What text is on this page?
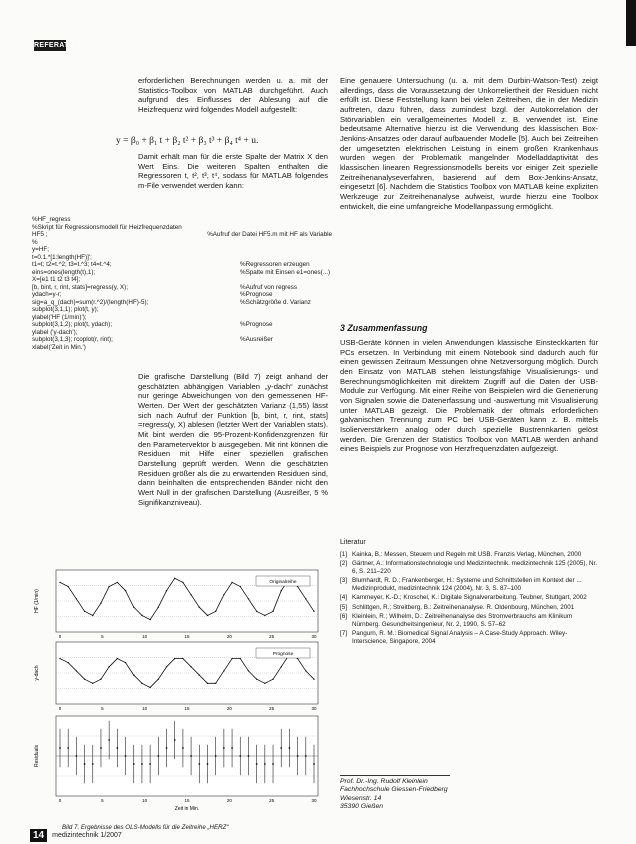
REFERATE

erforderlichen Berechnungen werden u. a. mit der Statistics-Toolbox von MATLAB durchgeführt. Auch aufgrund des Einflusses der Ablesung auf die Heizfrequenz wird folgendes Modell aufgestellt:

y = β₀ + β₁ t + β₂ t² + β₃ t³ + β₄ t⁴ + u.

Damit erhält man für die erste Spalte der Matrix X den Wert Eins. Die weiteren Spalten enthalten die Regressoren t, t², t³, t⁴, sodass für MATLAB folgendes m-File verwendet werden kann:

%HF_regress
%Skript für Regressionsmodell für Heizfrequenzdaten
HF5 ;	%Aufruf der Datei HF5.m mit HF als Variable
%
y=HF;
t=0.1.*[1:length(HF)]';
t1=t; t2=t.^2; t3=t.^3; t4=t.^4;	%Regressoren erzeugen
eins=ones(length(t),1);	%Spalte mit Einsen e1=ones(...)
X=[e1 t1 t2 t3 t4];
[b, bint, r, rint, stats]=regress(y, X);	%Aufruf von regress
ydach=y-r;	%Prognose
sig=a_q_(dach)=sum(r.^2)/(length(HF)-5);	%Schätzgröße d. Varianz
subplot(3,1,1); plot(t, y);
ylabel('HF (1/min)');
subplot(3,1,2); plot(t, ydach);	%Prognose
ylabel ('y-dach');
subplot(3,1,3); rcoplot(r, rint);	%Ausreißer
xlabel('Zeit in Min.')

Die grafische Darstellung (Bild 7) zeigt anhand der geschätzten abhängigen Variablen „y-dach“ zunächst nur geringe Abweichungen von den gemessenen HF-Werten. Der Wert der geschätzten Varianz (1,55) lässt sich nach Aufruf der Funktion [b, bint, r, rint, stats] =regress(y, X) ablesen (letzter Wert der Variablen stats). Mit bint werden die 95-Prozent-Konfidenzgrenzen für den Parametervektor b ausgegeben. Mit rint können die Residuen mit Hilfe einer speziellen grafischen Darstellung geprüft werden. Wenn die geschätzten Residuen größer als die zu erwartenden Residuen sind, dann beinhalten die entsprechenden Bänder nicht den Wert Null in der grafischen Darstellung (Ausreißer, 5 % Signifikanzniveau).

Eine genauere Untersuchung (u. a. mit dem Durbin-Watson-Test) zeigt allerdings, dass die Voraussetzung der Unkorreliertheit der Residuen nicht erfüllt ist. Diese Feststellung kann bei vielen Zeitreihen, die in der Medizin auftreten, dazu führen, dass zumindest bzgl. der Autokorrelation der Störvariablen ein verallgemeinertes Modell z. B. verwendet ist. Eine bedeutsame Alternative hierzu ist die Verwendung des klassischen Box-Jenkins-Ansatzes oder darauf aufbauender Modelle [5]. Auch bei Zeitreihen der umgesetzten elektrischen Leistung in einem großen Krankenhaus wurden wegen der Problematik mangelnder Modelladdaptivität des klassischen linearen Regressionsmodells bereits vor einiger Zeit spezielle Zeitreihenanalyseverfahren, basierend auf dem Box-Jenkins-Ansatz, eingesetzt [6]. Nachdem die Statistics Toolbox von MATLAB keine expliziten Werkzeuge zur Zeitreihenanalyse aufweist, wurde hierzu eine Toolbox entwickelt, die eine umfangreiche Modellanpassung ermöglicht.

3 Zusammenfassung

USB-Geräte können in vielen Anwendungen klassische Einsteckkarten für PCs ersetzen. In Verbindung mit einem Notebook sind dadurch auch für einen gewissen Zeitraum Messungen ohne Netzversorgung möglich. Durch den Einsatz von MATLAB stehen leistungsfähige Visualisierungs- und Berechnungsmöglichkeiten mit direktem Zugriff auf die Daten der USB-Module zur Verfügung. Mit einer Reihe von Beispielen wird die Generierung von Signalen sowie die Datenerfassung und -auswertung mit Visualisierung unter MATLAB gezeigt. Die Problematik der oftmals erforderlichen galvanischen Trennung zum PC bei USB-Geräten kann z. B. mittels Isolierverstärkern analog oder durch spezielle Bustrennkarten gelöst werden. Die Grenzen der Statistics Toolbox von MATLAB werden anhand eines Beispiels zur Prognose von Herzfrequenzdaten aufgezeigt.

Literatur
[1] Kainka, B.: Messen, Steuern und Regeln mit USB. Franzis Verlag, München, 2000
[2] Gärtner, A.: Informationstechnologie und Medizintechnik. medizintechnik 125 (2005), Nr. 6, S. 211–220
[3] Blumhardt, R. D.; Frankenberger, H.: Systeme und Schnittstellen im Kontext der ... Medizinprodukt, medizintechnik 124 (2004), Nr. 3, S. 87–100
[4] Kammeyer, K.-D.; Kroschel, K.: Digitale Signalverarbeitung. Teubner, Stuttgart, 2002
[5] Schlittgen, R.; Streitberg, B.: Zeitreihenanalyse. R. Oldenbourg, München, 2001
[6] Kleinlein, R.; Wilhelm, D.: Zeitreihenanalyse des Stromverbrauchs am Klinikum Nürnberg. Gesundheitsingenieur, Nr. 2, 1990, S. 57–62
[7] Pangurn, R. M.: Biomedical Signal Analysis – A Case-Study Approach. Wiley-Interscience, Singapore, 2004
HF (1/min)
Originalreihe
0	5	10	15	20	25	30
y-dach
Prognose
0	5	10	15	20	25	30
Residuals
Zeit in Min.
0	5	10	15	20	25	30
Bild 7. Ergebnisse des OLS-Modells für die Zeitreihe „HERZ“
Prof. Dr.-Ing. Rudolf Kleinlein
Fachhochschule Giessen-Friedberg
Wiesenstr. 14
35390 Gießen
14	medizintechnik 1/2007
